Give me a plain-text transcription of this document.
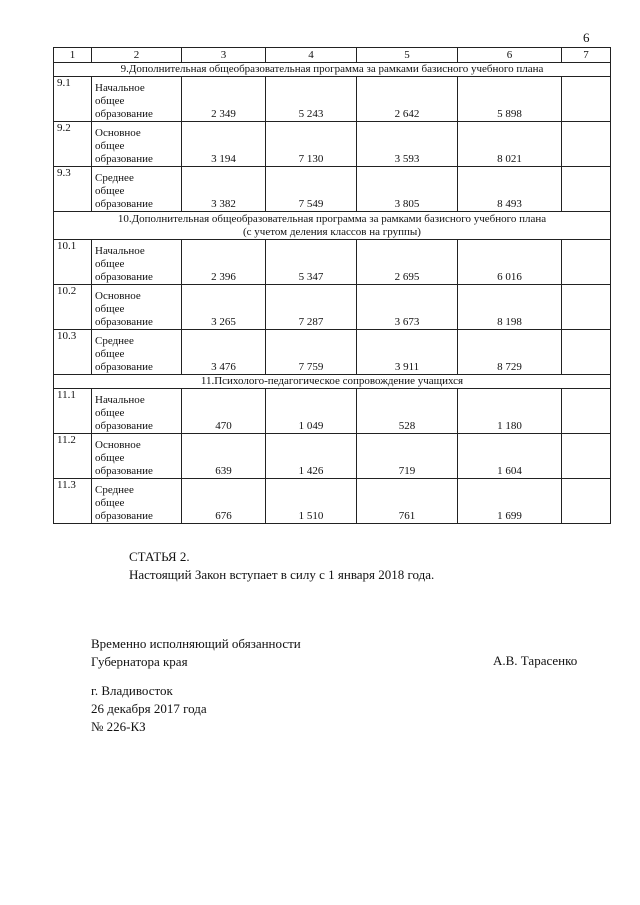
6
1	2	3	4	5	6	7

9.Дополнительная общеобразовательная программа за рамками базисного учебного плана						

9.1	Начальное
общее
образование	2 349	5 243	2 642	5 898	
9.2	Основное
общее
образование	3 194	7 130	3 593	8 021	
9.3	Среднее
общее
образование	3 382	7 549	3 805	8 493	

10.Дополнительная общеобразовательная программа за рамками базисного учебного плана
(с учетом деления классов на группы)						

10.1	Начальное
общее
образование	2 396	5 347	2 695	6 016	
10.2	Основное
общее
образование	3 265	7 287	3 673	8 198	
10.3	Среднее
общее
образование	3 476	7 759	3 911	8 729	

11.Психолого-педагогическое сопровождение учащихся						

11.1	Начальное
общее
образование	470	1 049	528	1 180	
11.2	Основное
общее
образование	639	1 426	719	1 604	
11.3	Среднее
общее
образование	676	1 510	761	1 699	
СТАТЬЯ 2.
Настоящий Закон вступает в силу с 1 января 2018 года.
Временно исполняющий обязанности
Губернатора края	А.В. Тарасенко
г. Владивосток
26 декабря 2017 года
№ 226-КЗ
